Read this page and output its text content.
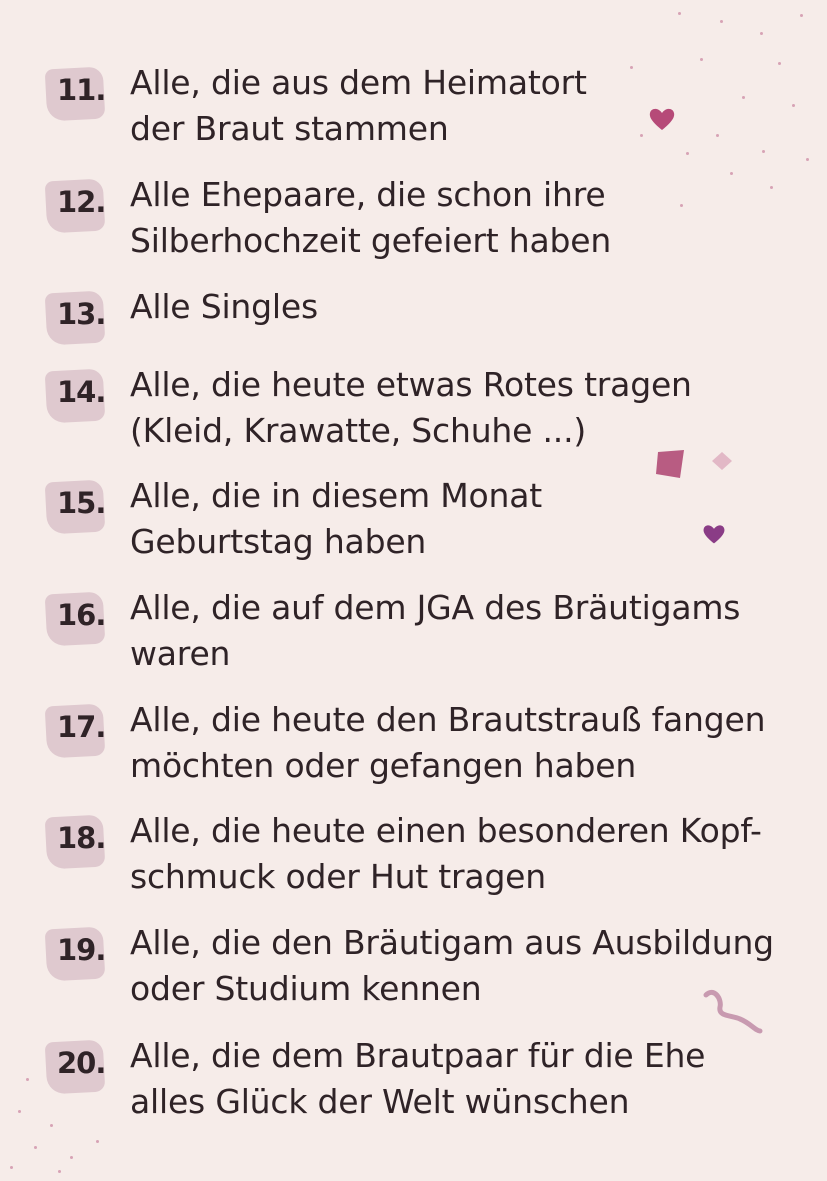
11. Alle, die aus dem Heimatort
der Braut stammen
12. Alle Ehepaare, die schon ihre
Silberhochzeit gefeiert haben
13. Alle Singles
14. Alle, die heute etwas Rotes tragen
(Kleid, Krawatte, Schuhe ...)
15. Alle, die in diesem Monat
Geburtstag haben
16. Alle, die auf dem JGA des Bräutigams
waren
17. Alle, die heute den Brautstrauß fangen
möchten oder gefangen haben
18. Alle, die heute einen besonderen Kopf-
schmuck oder Hut tragen
19. Alle, die den Bräutigam aus Ausbildung
oder Studium kennen
20. Alle, die dem Brautpaar für die Ehe
alles Glück der Welt wünschen
